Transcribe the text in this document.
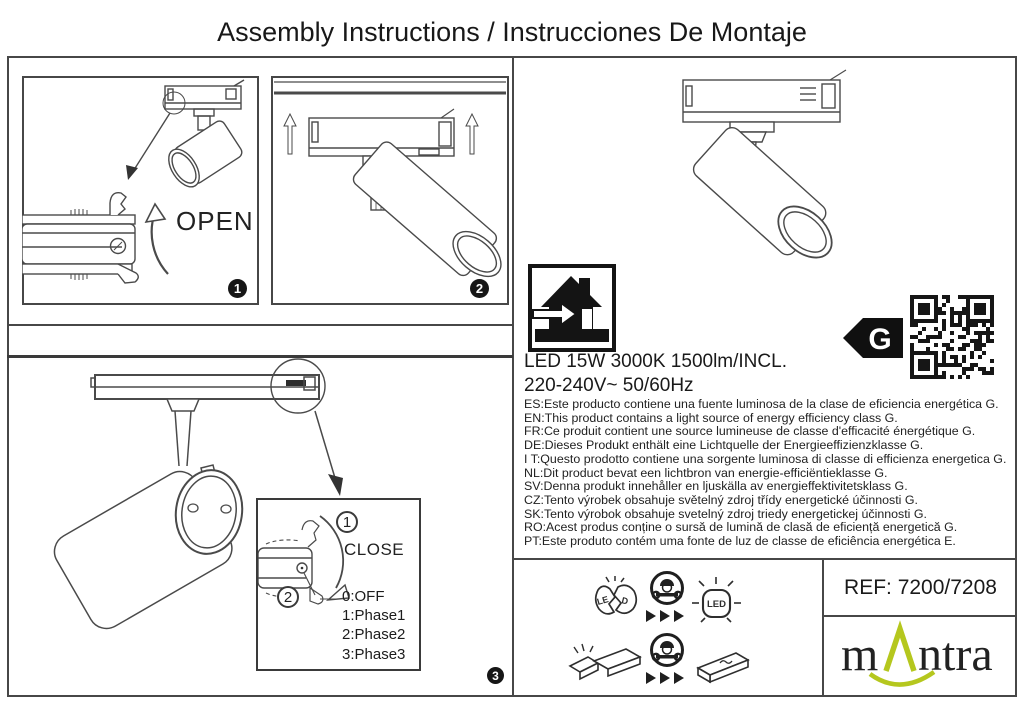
Assembly Instructions / Instrucciones De Montaje
OPEN
1	2
1
CLOSE
2	0:OFF
1:Phase1
2:Phase2
3:Phase3
3
LED 15W 3000K 1500lm/INCL.
220-240V~ 50/60Hz
ES:Este producto contiene una fuente luminosa de la clase de eficiencia energética G.
EN:This product contains a light source of energy efficiency class G.
FR:Ce produit contient une source lumineuse de classe d'efficacité énergétique G.
DE:Dieses Produkt enthält eine Lichtquelle der Energieeffizienzklasse G.
I T:Questo prodotto contiene una sorgente luminosa di classe di efficienza energetica G.
NL:Dit product bevat een lichtbron van energie-efficiëntieklasse G.
SV:Denna produkt innehåller en ljuskälla av energieffektivitetsklass G.
CZ:Tento výrobek obsahuje světelný zdroj třídy energetické účinnosti G.
SK:Tento výrobok obsahuje svetelný zdroj triedy energetickej účinnosti G.
RO:Acest produs conține o sursă de lumină de clasă de eficiență energetică G.
PT:Este produto contém uma fonte de luz de classe de eficiência energética E.
G
LE D	LED
REF: 7200/7208
m ntra
